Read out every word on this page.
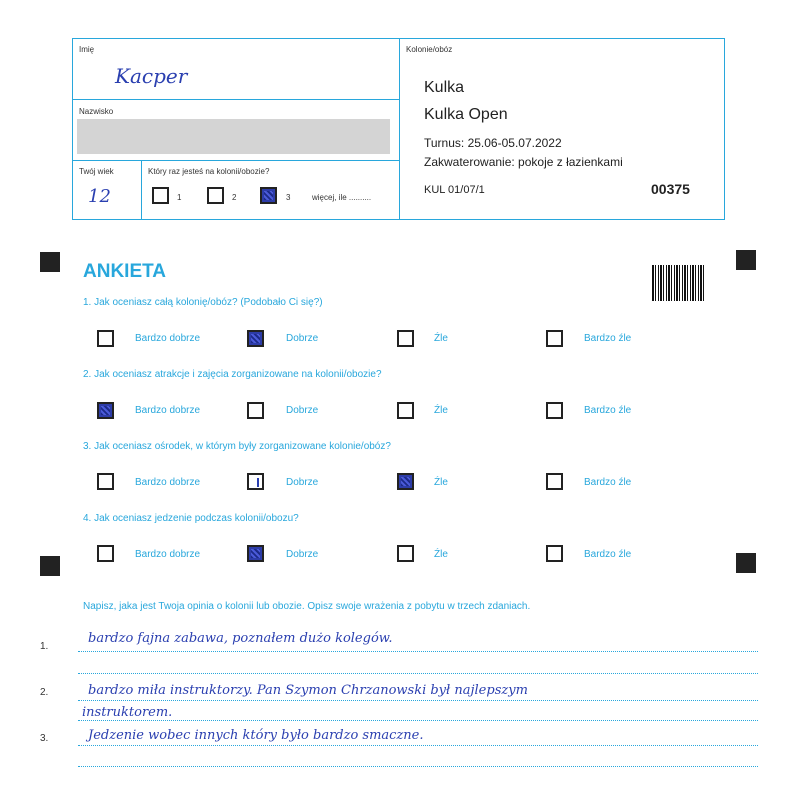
Imię
Kacper
Nazwisko
Twój wiek
12
Który raz jesteś na kolonii/obozie?
1	2	3	więcej, ile ..........
Kolonie/obóz
Kulka
Kulka Open
Turnus: 25.06-05.07.2022
Zakwaterowanie: pokoje z łazienkami
KUL 01/07/1	00375
ANKIETA
1. Jak oceniasz całą kolonię/obóz? (Podobało Ci się?)
Bardzo dobrze	Dobrze	Źle	Bardzo źle
2. Jak oceniasz atrakcje i zajęcia zorganizowane na kolonii/obozie?
Bardzo dobrze	Dobrze	Źle	Bardzo źle
3. Jak oceniasz ośrodek, w którym były zorganizowane kolonie/obóz?
Bardzo dobrze	Dobrze	Źle	Bardzo źle
4. Jak oceniasz jedzenie podczas kolonii/obozu?
Bardzo dobrze	Dobrze	Źle	Bardzo źle
Napisz, jaka jest Twoja opinia o kolonii lub obozie. Opisz swoje wrażenia z pobytu w trzech zdaniach.
1.
bardzo fajna zabawa, poznałem dużo kolegów.
2.	bardzo miła instruktorzy. Pan Szymon Chrzanowski był najlepszym
instruktorem.
3.	Jedzenie wobec innych który było bardzo smaczne.
